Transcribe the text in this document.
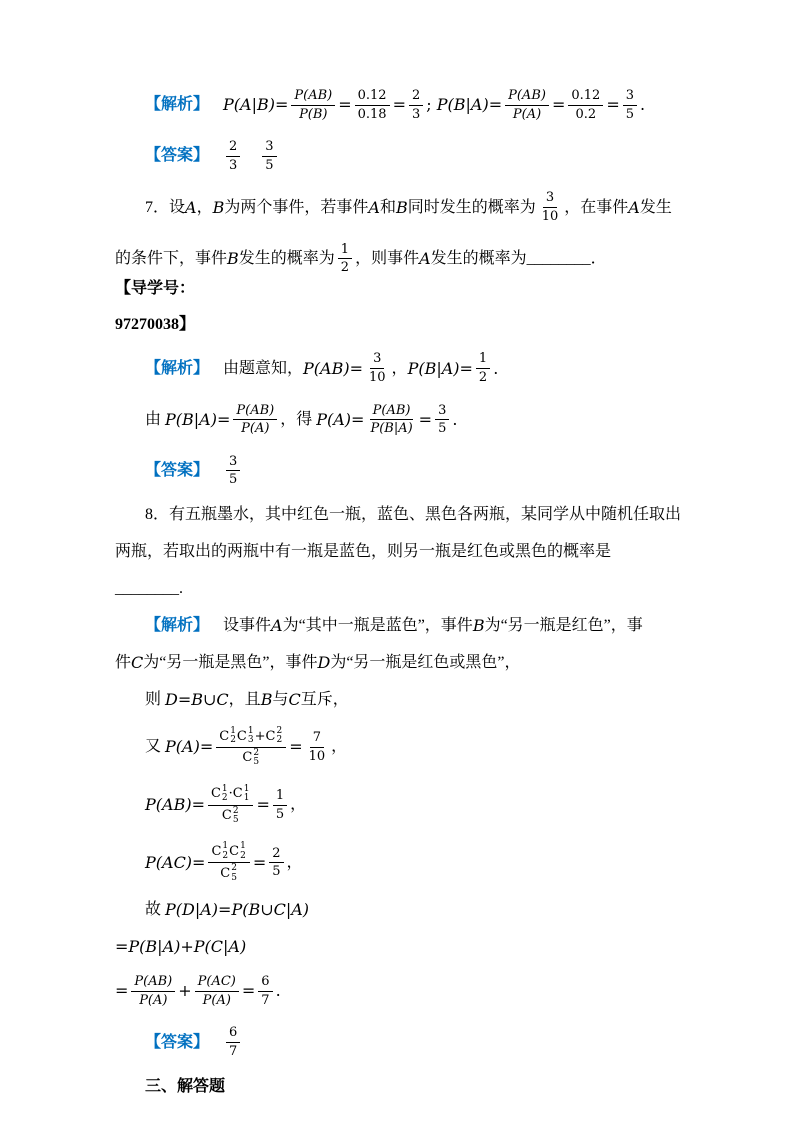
【解析】 $P(A|B)= \frac{P(AB)}{P(B)} = \frac{0.12}{0.18} = \frac{2}{3}$ ; $P(B|A)= \frac{P(AB)}{P(A)} = \frac{0.12}{0.2} = \frac{3}{5}$ .
【答案】 $\frac{2}{3} \frac{3}{5}$
7．设 A ， B 为两个事件，若事件 A 和 B 同时发生的概率为 $\frac{3}{10}$ ，在事件 A 发生
的条件下，事件 B 发生的概率为 $\frac{1}{2}$ ，则事件 A 发生的概率为________．
【导学号：
97270038】
【解析】 由题意知， $P(AB)= \frac{3}{10}$ ， $P(B|A)= \frac{1}{2}$ .
由 $P(B|A)= \frac{P(AB)}{P(A)}$ ，得 $P(A)= \frac{P(AB)}{P(B|A)} = \frac{3}{5}$ .
【答案】 $\frac{3}{5}$
8．有五瓶墨水，其中红色一瓶，蓝色、黑色各两瓶，某同学从中随机任取出
两瓶，若取出的两瓶中有一瓶是蓝色，则另一瓶是红色或黑色的概率是
________.
【解析】 设事件 A 为“其中一瓶是蓝色”，事件 B 为“另一瓶是红色”，事
件 C 为“另一瓶是黑色”，事件 D 为“另一瓶是红色或黑色”，
则 D = B ∪ C ，且 B 与 C 互斥，
又 P(A)= C 1
2 C 1
3 + C 2
2
C 2
$5 = \frac{7}{10}$ ，
P(AB)= C 1
2 · C 1
1
C 2
$5 = \frac{1}{5}$ ，
P(AC)= C 1
2 C 1
2
C 2
$5 = \frac{2}{5}$ ，
故 P(D|A)=P(B∪C|A)
= P(B|A)+P(C|A)
= $\frac{P(AB)}{P(A)} + \frac{P(AC)}{P(A)} = \frac{6}{7}$ .
【答案】 $\frac{6}{7}$
三、解答题
